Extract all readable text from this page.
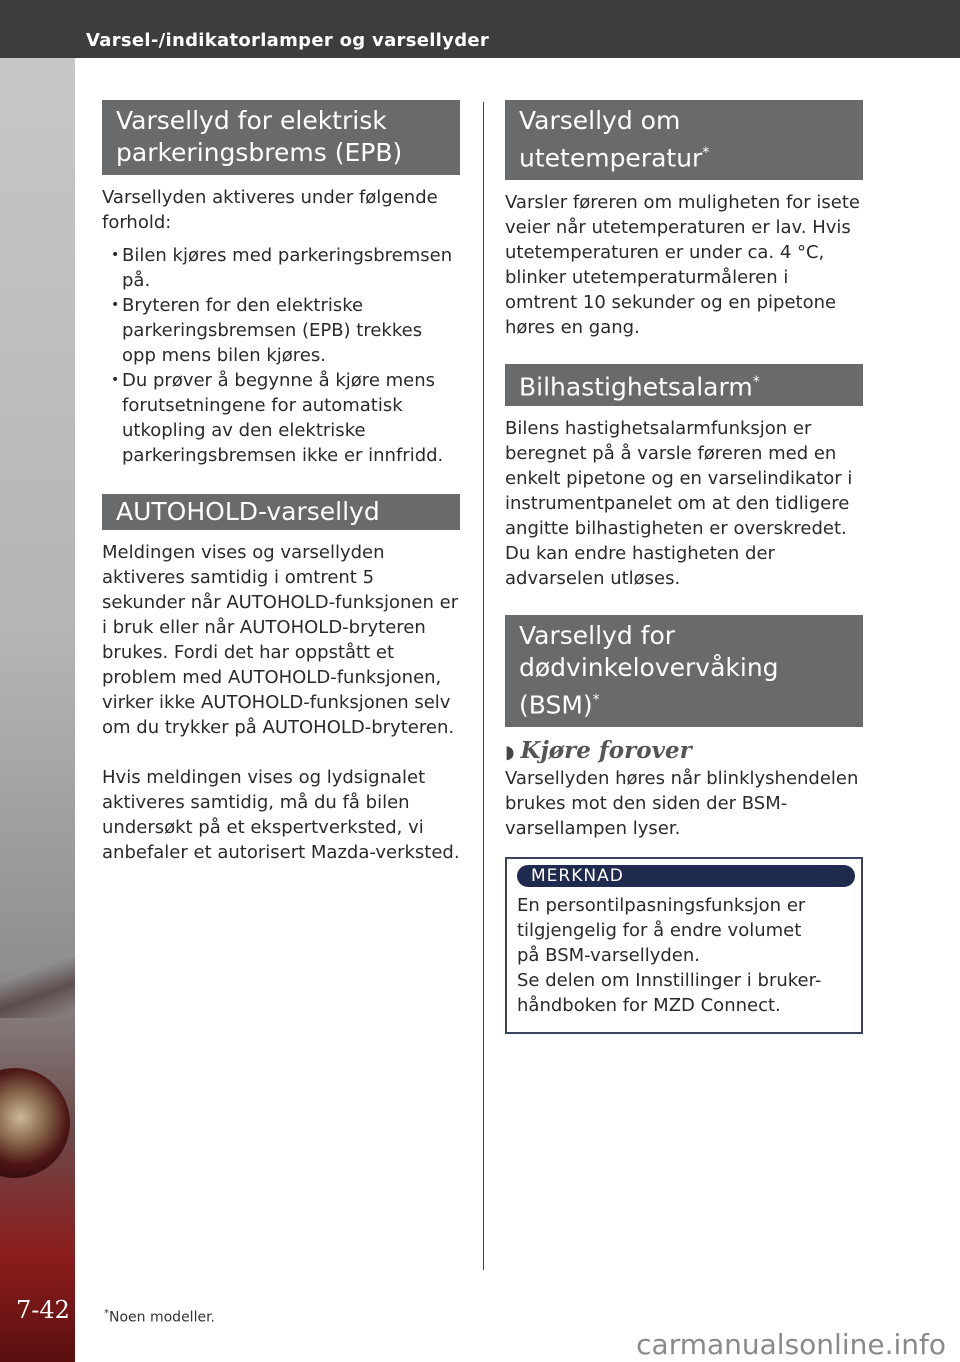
Varsel-/indikatorlamper og varsellyder
7-42
Varsellyd for elektrisk parkeringsbrems (EPB)

Varsellyden aktiveres under følgende forhold:

• Bilen kjøres med parkeringsbremsen på.
• Bryteren for den elektriske parkeringsbremsen (EPB) trekkes opp mens bilen kjøres.
• Du prøver å begynne å kjøre mens forutsetningene for automatisk utkopling av den elektriske parkeringsbremsen ikke er innfridd.
AUTOHOLD-varsellyd

Meldingen vises og varsellyden aktiveres samtidig i omtrent 5 sekunder når AUTOHOLD-funksjonen er i bruk eller når AUTOHOLD-bryteren brukes. Fordi det har oppstått et problem med AUTOHOLD-funksjonen, virker ikke AUTOHOLD-funksjonen selv om du trykker på AUTOHOLD-bryteren.

Hvis meldingen vises og lydsignalet aktiveres samtidig, må du få bilen undersøkt på et ekspertverksted, vi anbefaler et autorisert Mazda-verksted.

Varsellyd om utetemperatur*

Varsler føreren om muligheten for isete veier når utetemperaturen er lav. Hvis utetemperaturen er under ca. 4 °C, blinker utetemperaturmåleren i omtrent 10 sekunder og en pipetone høres en gang.

Bilhastighetsalarm*

Bilens hastighetsalarmfunksjon er beregnet på å varsle føreren med en enkelt pipetone og en varselindikator i instrumentpanelet om at den tidligere angitte bilhastigheten er overskredet. Du kan endre hastigheten der advarselen utløses.

Varsellyd for dødvinkelovervåking (BSM)*
◗ Kjøre forover

Varsellyden høres når blinklyshendelen brukes mot den siden der BSM-varsellampen lyser.

MERKNAD
En persontilpasningsfunksjon er
tilgjengelig for å endre volumet
på BSM-varsellyden.
Se delen om Innstillinger i bruker-
håndboken for MZD Connect.
*Noen modeller.
carmanualsonline.info
